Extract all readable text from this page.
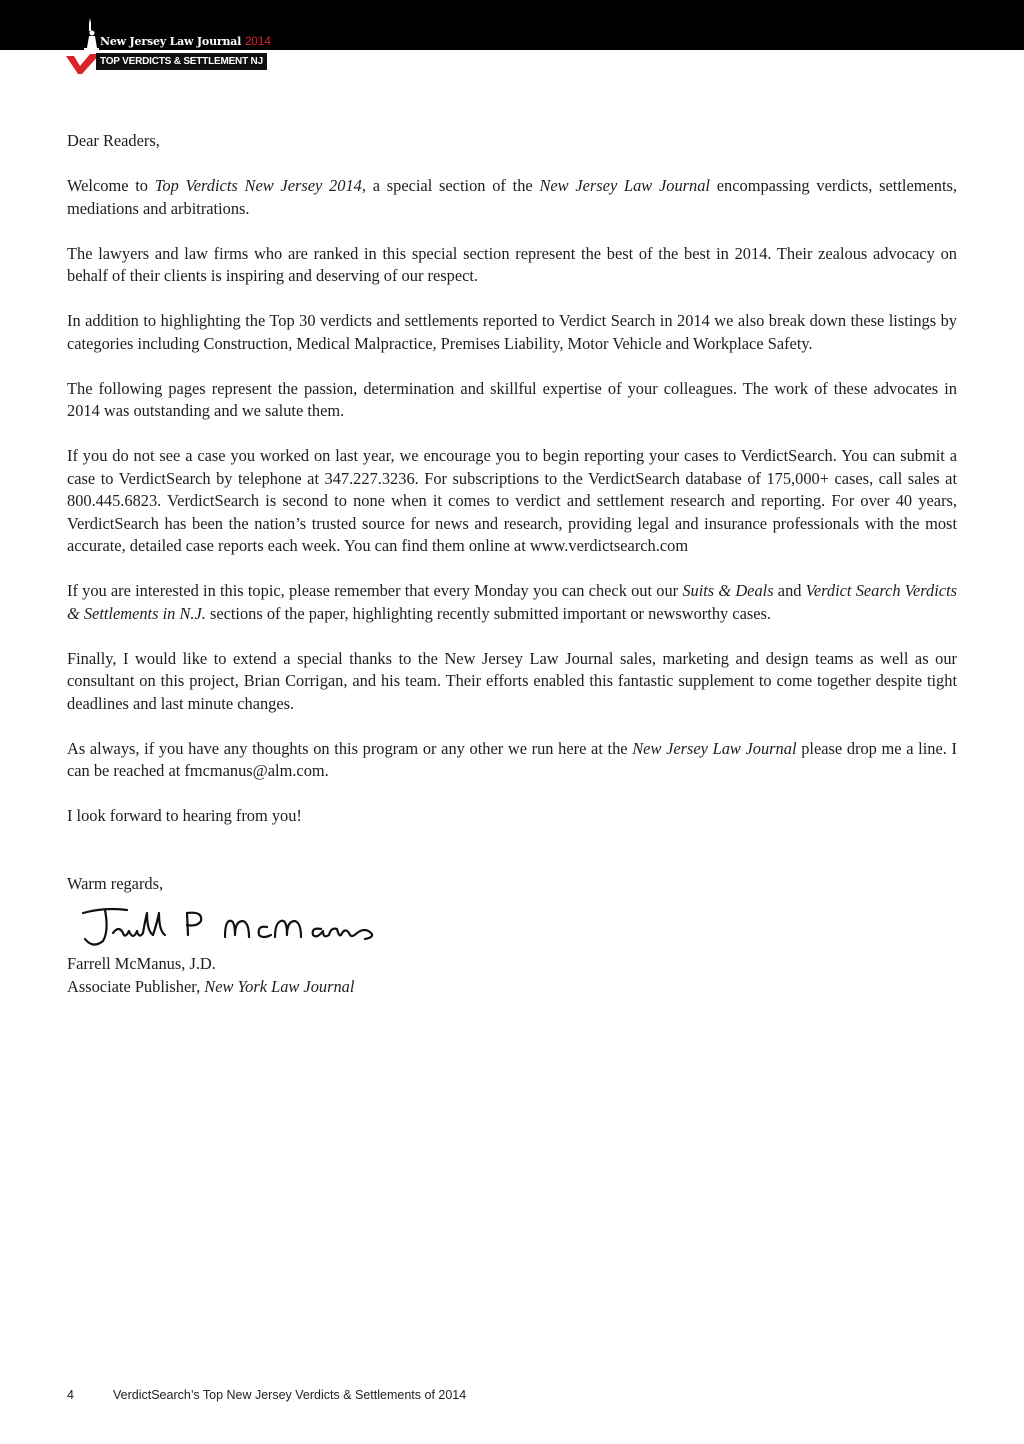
New Jersey Law Journal 2014
TOP VERDICTS & SETTLEMENT NJ

Dear Readers,

Welcome to Top Verdicts New Jersey 2014, a special section of the New Jersey Law Journal encompassing verdicts, settlements, mediations and arbitrations.

The lawyers and law firms who are ranked in this special section represent the best of the best in 2014. Their zealous advocacy on behalf of their clients is inspiring and deserving of our respect.

In addition to highlighting the Top 30 verdicts and settlements reported to Verdict Search in 2014 we also break down these listings by categories including Construction, Medical Malpractice, Premises Liability, Motor Vehicle and Workplace Safety.

The following pages represent the passion, determination and skillful expertise of your colleagues. The work of these advocates in 2014 was outstanding and we salute them.

If you do not see a case you worked on last year, we encourage you to begin reporting your cases to VerdictSearch. You can submit a case to VerdictSearch by telephone at 347.227.3236. For subscriptions to the VerdictSearch database of 175,000+ cases, call sales at 800.445.6823. VerdictSearch is second to none when it comes to verdict and settlement research and reporting. For over 40 years, VerdictSearch has been the nation’s trusted source for news and research, providing legal and insurance professionals with the most accurate, detailed case reports each week. You can find them online at www.verdictsearch.com

If you are interested in this topic, please remember that every Monday you can check out our Suits & Deals and Verdict Search Verdicts & Settlements in N.J. sections of the paper, highlighting recently submitted important or newsworthy cases.

Finally, I would like to extend a special thanks to the New Jersey Law Journal sales, marketing and design teams as well as our consultant on this project, Brian Corrigan, and his team. Their efforts enabled this fantastic supplement to come together despite tight deadlines and last minute changes.

As always, if you have any thoughts on this program or any other we run here at the New Jersey Law Journal please drop me a line. I can be reached at fmcmanus@alm.com.

I look forward to hearing from you!

Warm regards,

Farrell McManus, J.D.

Associate Publisher, New York Law Journal

4	VerdictSearch’s Top New Jersey Verdicts & Settlements of 2014
